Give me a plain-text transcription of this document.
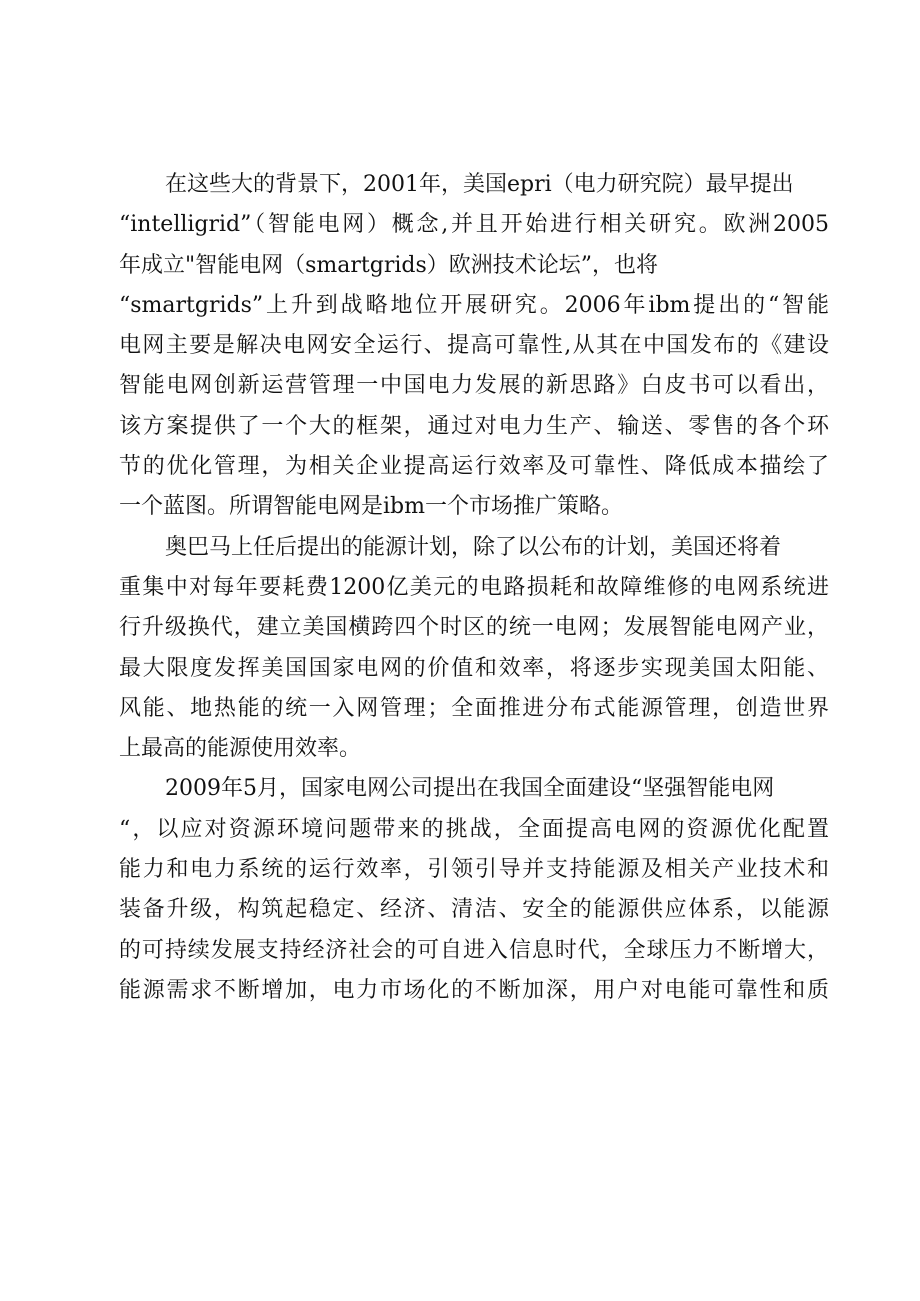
在这些大的背景下，2001年，美国epri（电力研究院）最早提出
“intelligrid”（智能电网）概念,并且开始进行相关研究。欧洲2005
年成立"智能电网（smartgrids）欧洲技术论坛”，也将
“smartgrids”上升到战略地位开展研究。2006年ibm提出的“智能
电网主要是解决电网安全运行、提高可靠性,从其在中国发布的《建设
智能电网创新运营管理一中国电力发展的新思路》白皮书可以看出，
该方案提供了一个大的框架，通过对电力生产、输送、零售的各个环
节的优化管理，为相关企业提高运行效率及可靠性、降低成本描绘了
一个蓝图。所谓智能电网是ibm一个市场推广策略。
奥巴马上任后提出的能源计划，除了以公布的计划，美国还将着
重集中对每年要耗费1200亿美元的电路损耗和故障维修的电网系统进
行升级换代，建立美国横跨四个时区的统一电网；发展智能电网产业，
最大限度发挥美国国家电网的价值和效率，将逐步实现美国太阳能、
风能、地热能的统一入网管理；全面推进分布式能源管理，创造世界
上最高的能源使用效率。
2009年5月，国家电网公司提出在我国全面建设“坚强智能电网
“，以应对资源环境问题带来的挑战，全面提高电网的资源优化配置
能力和电力系统的运行效率，引领引导并支持能源及相关产业技术和
装备升级，构筑起稳定、经济、清洁、安全的能源供应体系，以能源
的可持续发展支持经济社会的可自进入信息时代，全球压力不断增大，
能源需求不断增加，电力市场化的不断加深，用户对电能可靠性和质
